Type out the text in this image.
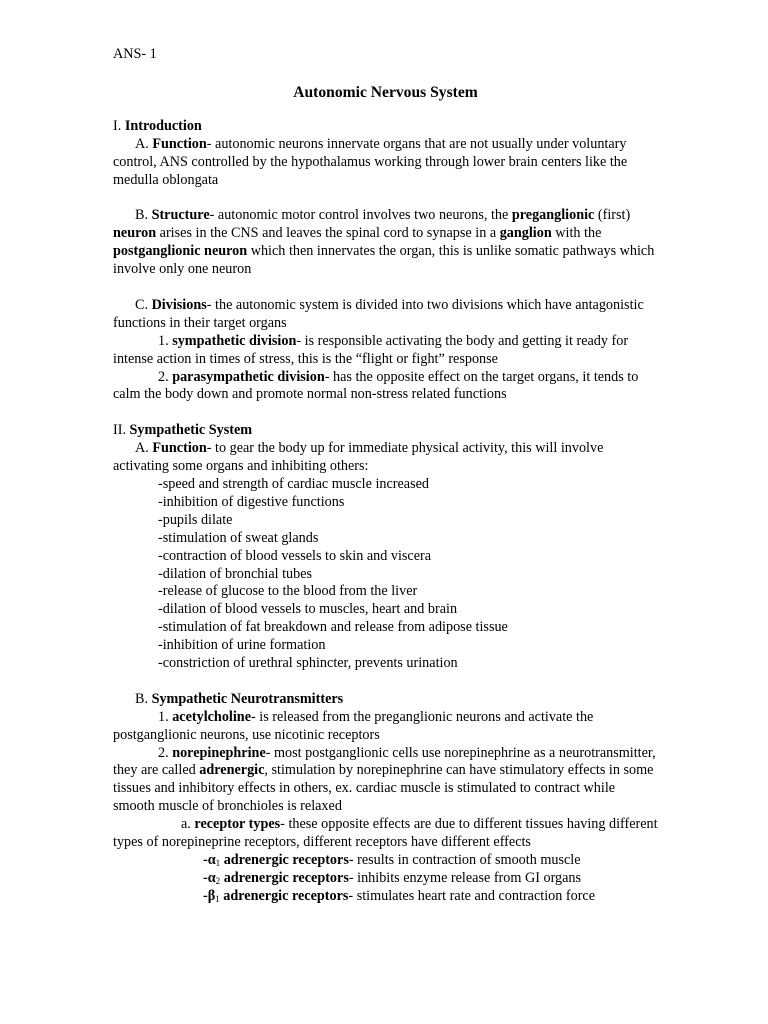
ANS- 1

Autonomic Nervous System

I. Introduction

A. Function- autonomic neurons innervate organs that are not usually under voluntary control, ANS controlled by the hypothalamus working through lower brain centers like the medulla oblongata

B. Structure- autonomic motor control involves two neurons, the preganglionic (first) neuron arises in the CNS and leaves the spinal cord to synapse in a ganglion with the postganglionic neuron which then innervates the organ, this is unlike somatic pathways which involve only one neuron

C. Divisions- the autonomic system is divided into two divisions which have antagonistic functions in their target organs

1. sympathetic division- is responsible activating the body and getting it ready for intense action in times of stress, this is the “flight or fight” response

2. parasympathetic division- has the opposite effect on the target organs, it tends to calm the body down and promote normal non-stress related functions

II. Sympathetic System

A. Function- to gear the body up for immediate physical activity, this will involve activating some organs and inhibiting others:

-speed and strength of cardiac muscle increased

-inhibition of digestive functions

-pupils dilate

-stimulation of sweat glands

-contraction of blood vessels to skin and viscera

-dilation of bronchial tubes

-release of glucose to the blood from the liver

-dilation of blood vessels to muscles, heart and brain

-stimulation of fat breakdown and release from adipose tissue

-inhibition of urine formation

-constriction of urethral sphincter, prevents urination

B. Sympathetic Neurotransmitters

1. acetylcholine- is released from the preganglionic neurons and activate the postganglionic neurons, use nicotinic receptors

2. norepinephrine- most postganglionic cells use norepinephrine as a neurotransmitter, they are called adrenergic, stimulation by norepinephrine can have stimulatory effects in some tissues and inhibitory effects in others, ex. cardiac muscle is stimulated to contract while smooth muscle of bronchioles is relaxed

a. receptor types- these opposite effects are due to different tissues having different types of norepineprine receptors, different receptors have different effects

$-\alpha_1$ adrenergic receptors- results in contraction of smooth muscle

$-\alpha_2$ adrenergic receptors- inhibits enzyme release from GI organs

$-\beta_1$ adrenergic receptors- stimulates heart rate and contraction force
